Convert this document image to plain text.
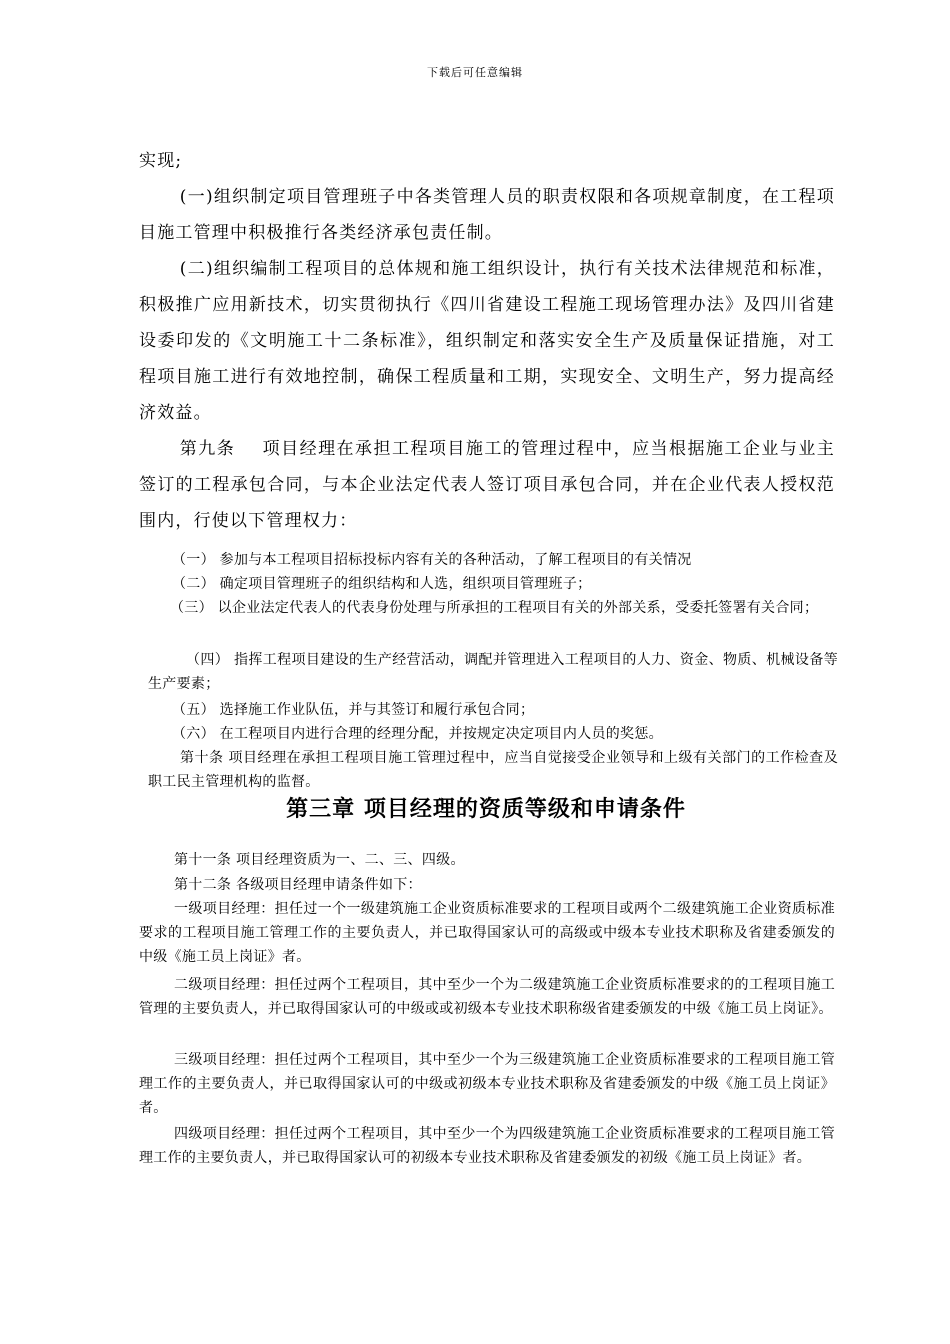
下载后可任意编辑

实现;

(一)组织制定项目管理班子中各类管理人员的职责权限和各项规章制度，在工程项目施工管理中积极推行各类经济承包责任制。

(二)组织编制工程项目的总体规和施工组织设计，执行有关技术法律规范和标准，积极推广应用新技术，切实贯彻执行《四川省建设工程施工现场管理办法》及四川省建设委印发的《文明施工十二条标准》，组织制定和落实安全生产及质量保证措施，对工程项目施工进行有效地控制，确保工程质量和工期，实现安全、文明生产，努力提高经济效益。

第九条 项目经理在承担工程项目施工的管理过程中，应当根据施工企业与业主签订的工程承包合同，与本企业法定代表人签订项目承包合同，并在企业代表人授权范围内，行使以下管理权力：

（一） 参加与本工程项目招标投标内容有关的各种活动，了解工程项目的有关情况

（二） 确定项目管理班子的组织结构和人选，组织项目管理班子；

（三） 以企业法定代表人的代表身份处理与所承担的工程项目有关的外部关系，受委托签署有关合同；

（四） 指挥工程项目建设的生产经营活动，调配并管理进入工程项目的人力、资金、物质、机械设备等生产要素；

（五） 选择施工作业队伍，并与其签订和履行承包合同；

（六） 在工程项目内进行合理的经理分配，并按规定决定项目内人员的奖惩。

第十条 项目经理在承担工程项目施工管理过程中，应当自觉接受企业领导和上级有关部门的工作检查及职工民主管理机构的监督。

第三章 项目经理的资质等级和申请条件

第十一条 项目经理资质为一、二、三、四级。

第十二条 各级项目经理申请条件如下：

一级项目经理：担任过一个一级建筑施工企业资质标准要求的工程项目或两个二级建筑施工企业资质标准要求的工程项目施工管理工作的主要负责人，并已取得国家认可的高级或中级本专业技术职称及省建委颁发的中级《施工员上岗证》者。

二级项目经理：担任过两个工程项目，其中至少一个为二级建筑施工企业资质标准要求的的工程项目施工管理的主要负责人，并已取得国家认可的中级或或初级本专业技术职称级省建委颁发的中级《施工员上岗证》。

三级项目经理：担任过两个工程项目，其中至少一个为三级建筑施工企业资质标准要求的工程项目施工管理工作的主要负责人，并已取得国家认可的中级或初级本专业技术职称及省建委颁发的中级《施工员上岗证》者。

四级项目经理：担任过两个工程项目，其中至少一个为四级建筑施工企业资质标准要求的工程项目施工管理工作的主要负责人，并已取得国家认可的初级本专业技术职称及省建委颁发的初级《施工员上岗证》者。
